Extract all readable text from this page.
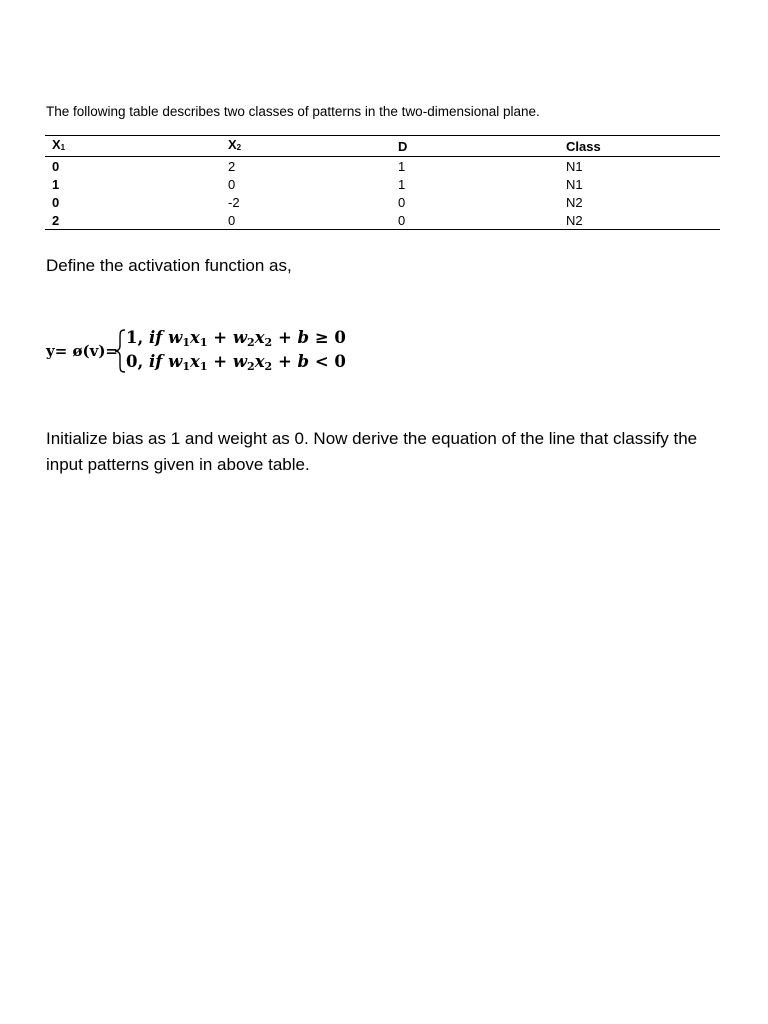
The following table describes two classes of patterns in the two-dimensional plane.
X1	X2	D	Class
0	2	1	N1
1	0	1	N1
0	-2	0	N2
2	0	0	N2
Define the activation function as,
y= ø(v)=
1, if w1x1 + w2x2 + b ≥ 0
0, if w1x1 + w2x2 + b < 0
Initialize bias as 1 and weight as 0. Now derive the equation of the line that classify the input patterns given in above table.
